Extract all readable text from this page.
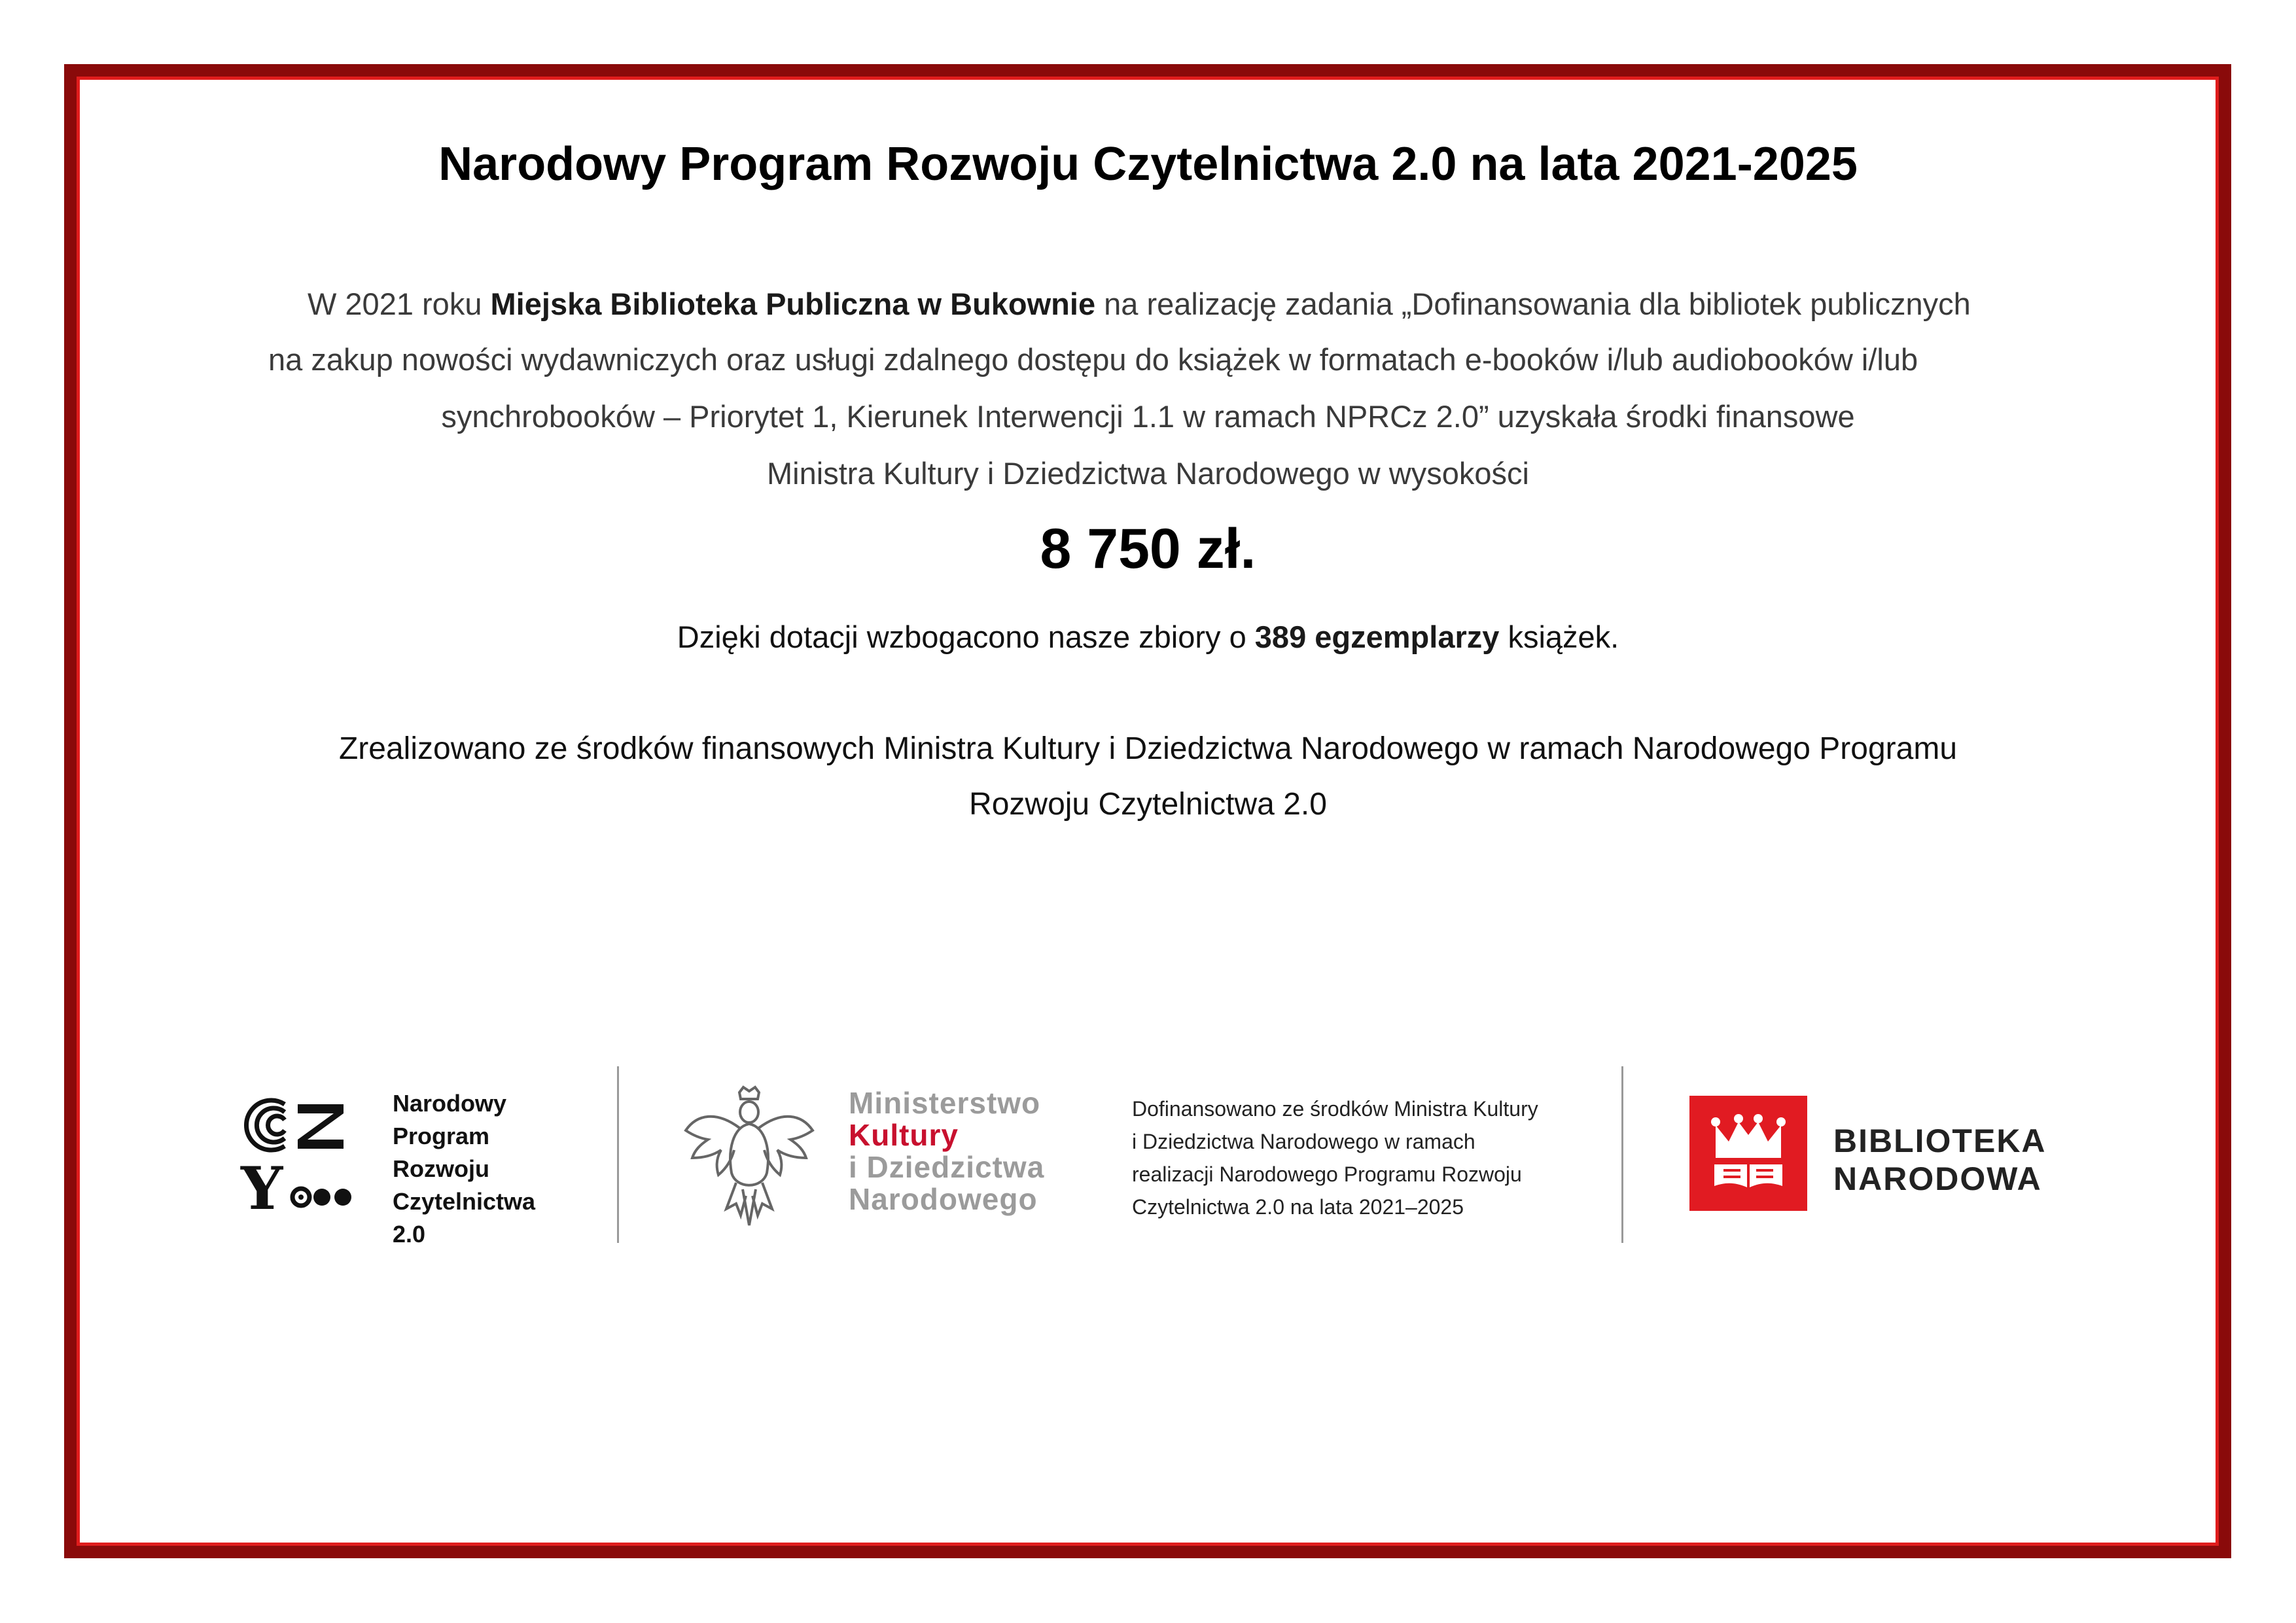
Narodowy Program Rozwoju Czytelnictwa 2.0 na lata 2021-2025
W 2021 roku Miejska Biblioteka Publiczna w Bukownie na realizację zadania „Dofinansowania dla bibliotek publicznych
na zakup nowości wydawniczych oraz usługi zdalnego dostępu do książek w formatach e-booków i/lub audiobooków i/lub
synchrobooków – Priorytet 1, Kierunek Interwencji 1.1 w ramach NPRCz 2.0” uzyskała środki finansowe
Ministra Kultury i Dziedzictwa Narodowego w wysokości
8 750 zł.
Dzięki dotacji wzbogacono nasze zbiory o 389 egzemplarzy książek.
Zrealizowano ze środków finansowych Ministra Kultury i Dziedzictwa Narodowego w ramach Narodowego Programu
Rozwoju Czytelnictwa 2.0
Y
Narodowy
Program
Rozwoju
Czytelnictwa
2.0
Ministerstwo
Kultury
i Dziedzictwa
Narodowego
Dofinansowano ze środków Ministra Kultury
i Dziedzictwa Narodowego w ramach
realizacji Narodowego Programu Rozwoju
Czytelnictwa 2.0 na lata 2021–2025
BIBLIOTEKA
NARODOWA
